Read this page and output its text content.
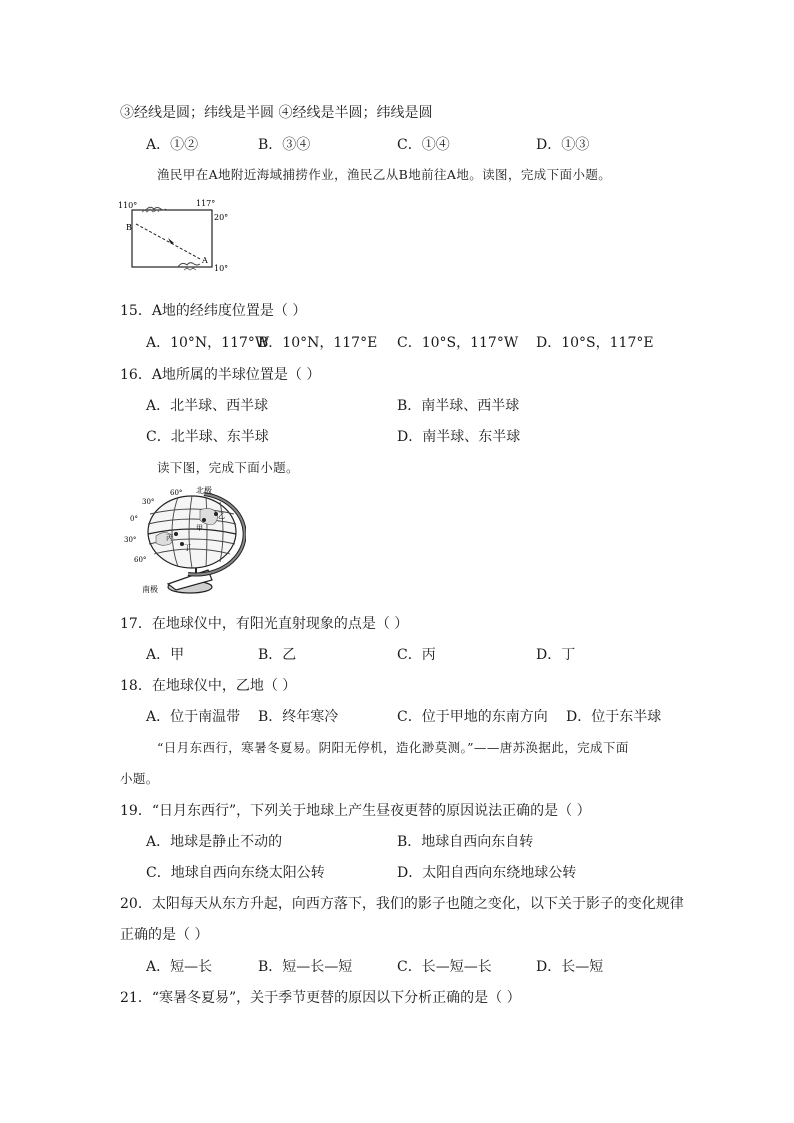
③经线是圆；纬线是半圆 ④经线是半圆；纬线是圆
A．①②	B．③④	C．①④	D．①③
渔民甲在A地附近海域捕捞作业，渔民乙从B地前往A地。读图，完成下面小题。
110°	117°
20°
10°
B
A
15．A地的经纬度位置是（ ）
A．10°N，117°W
B．10°N，117°E C．10°S，117°W D．10°S，117°E
16．A地所属的半球位置是（ ）
A．北半球、西半球	B．南半球、西半球
C．北半球、东半球	D．南半球、东半球
读下图，完成下面小题。
北极
南极
60°
30°
0°
30°
60°
甲
乙
丙
丁
17．在地球仪中，有阳光直射现象的点是（ ）
A．甲	B．乙	C．丙	D．丁
18．在地球仪中，乙地（ ）
A．位于南温带 B．终年寒冷	C．位于甲地的东南方向 D．位于东半球
“日月东西行，寒暑冬夏易。阴阳无停机，造化渺莫测。”——唐苏涣据此，完成下面
小题。
19．“日月东西行”，下列关于地球上产生昼夜更替的原因说法正确的是（ ）
A．地球是静止不动的	B．地球自西向东自转
C．地球自西向东绕太阳公转	D．太阳自西向东绕地球公转
20．太阳每天从东方升起，向西方落下，我们的影子也随之变化，以下关于影子的变化规律
正确的是（ ）
A．短—长	B．短—长—短	C．长—短—长	D．长—短
21．“寒暑冬夏易”，关于季节更替的原因以下分析正确的是（ ）
